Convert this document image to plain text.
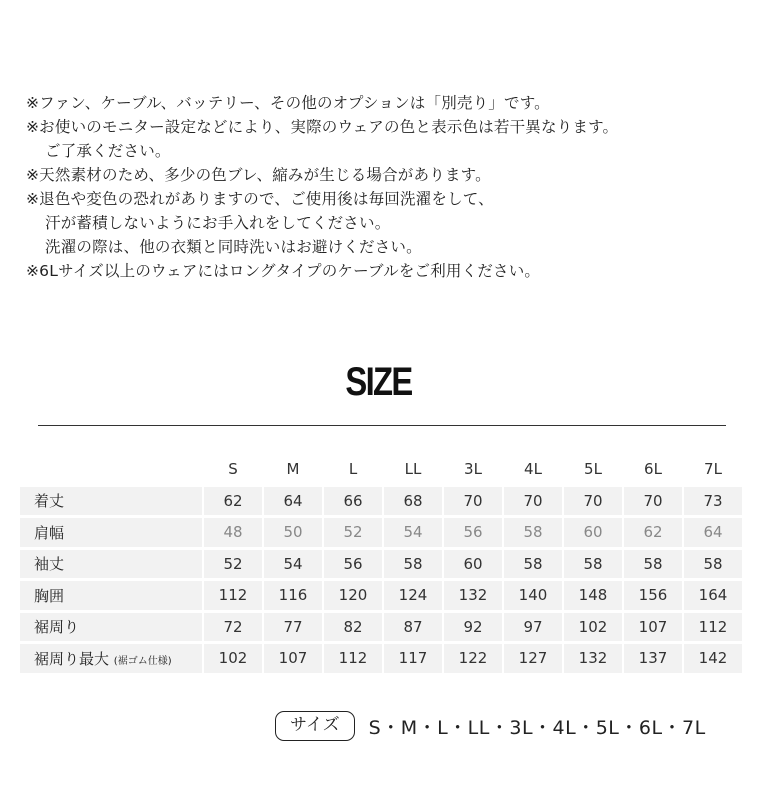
※ファン、ケーブル、バッテリー、その他のオプションは「別売り」です。
※お使いのモニター設定などにより、実際のウェアの色と表示色は若干異なります。
ご了承ください。
※天然素材のため、多少の色ブレ、縮みが生じる場合があります。
※退色や変色の恐れがありますので、ご使用後は毎回洗濯をして、
汗が蓄積しないようにお手入れをしてください。
洗濯の際は、他の衣類と同時洗いはお避けください。
※6Lサイズ以上のウェアにはロングタイプのケーブルをご利用ください。
SIZE
	S	M	L	LL	3L	4L	5L	6L	7L
着丈	62	64	66	68	70	70	70	70	73
肩幅	48	50	52	54	56	58	60	62	64
袖丈	52	54	56	58	60	58	58	58	58
胸囲	112	116	120	124	132	140	148	156	164
裾周り	72	77	82	87	92	97	102	107	112
裾周り最大 (裾ゴム仕様)	102	107	112	117	122	127	132	137	142
サイズ	S・M・L・LL・3L・4L・5L・6L・7L
